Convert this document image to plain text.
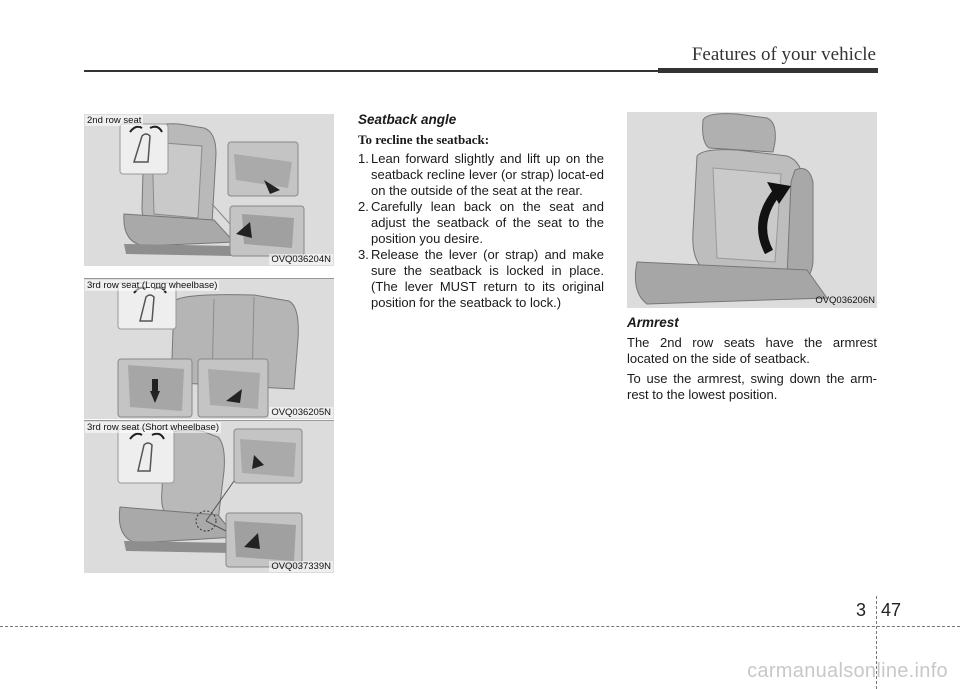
Features of your vehicle
2nd row seat
OVQ036204N
3rd row seat (Long wheelbase)
OVQ036205N
3rd row seat (Short wheelbase)
OVQ037339N
Seatback angle
To recline the seatback:
1. Lean forward slightly and lift up on the seatback recline lever (or strap) locat-ed on the outside of the seat at the rear.
2. Carefully lean back on the seat and adjust the seatback of the seat to the position you desire.
3. Release the lever (or strap) and make sure the seatback is locked in place. (The lever MUST return to its original position for the seatback to lock.)	OVQ036206N
Armrest

The 2nd row seats have the armrest located on the side of seatback.

To use the armrest, swing down the arm-rest to the lowest position.

3 47
carmanualsonline.info
